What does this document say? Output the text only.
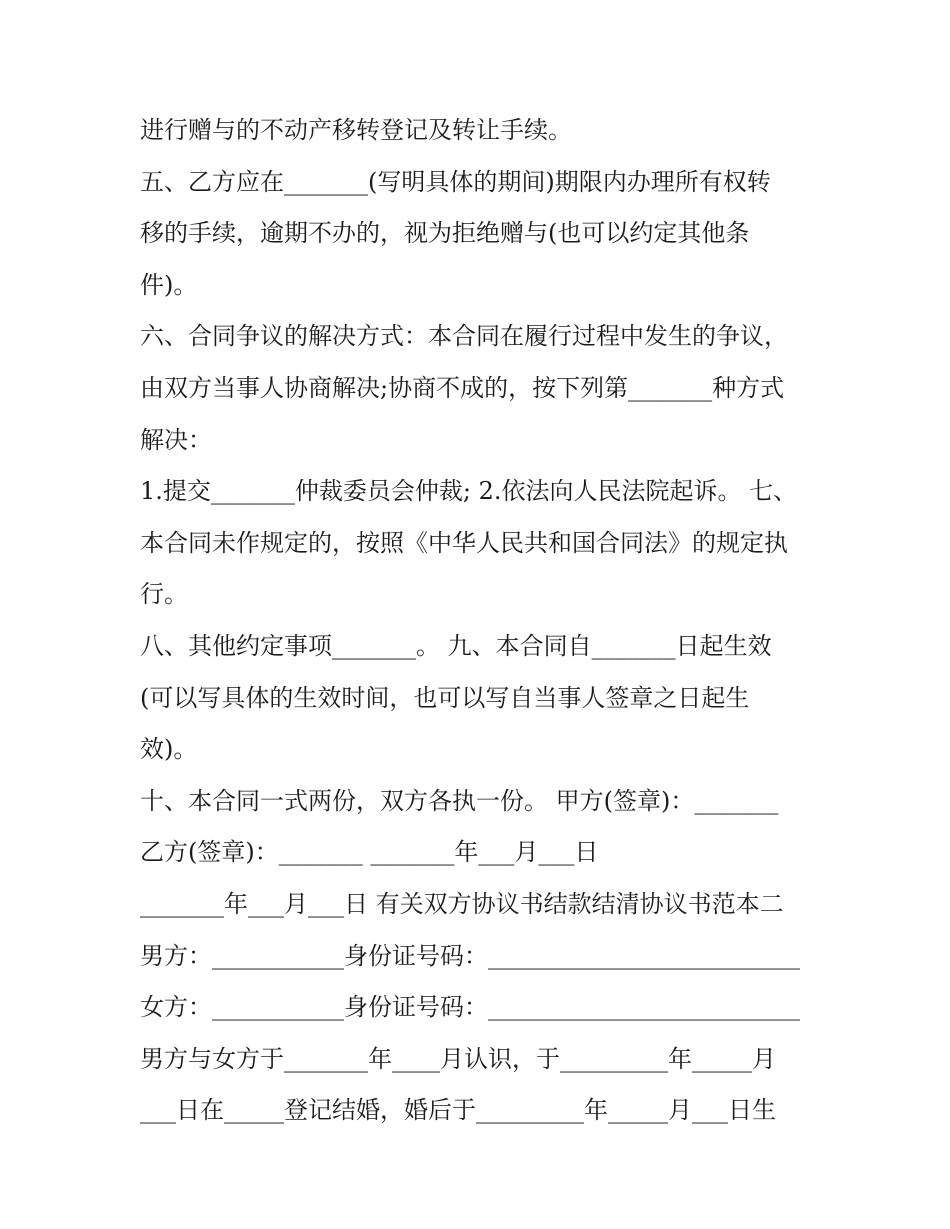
进行赠与的不动产移转登记及转让手续。
五、乙方应在_______(写明具体的期间)期限内办理所有权转
移的手续，逾期不办的，视为拒绝赠与(也可以约定其他条
件)。
六、合同争议的解决方式：本合同在履行过程中发生的争议，
由双方当事人协商解决;协商不成的，按下列第_______种方式
解决：
1.提交_______仲裁委员会仲裁; 2.依法向人民法院起诉。 七、
本合同未作规定的，按照《中华人民共和国合同法》的规定执
行。
八、其他约定事项_______。 九、本合同自_______日起生效
(可以写具体的生效时间，也可以写自当事人签章之日起生
效)。
十、本合同一式两份，双方各执一份。 甲方(签章)：_______
乙方(签章)：_______ _______年___月___日
_______年___月___日 有关双方协议书结款结清协议书范本二
男方：___________身份证号码：__________________________
女方：___________身份证号码：__________________________
男方与女方于_______年____月认识，于_________年_____月
___日在_____登记结婚，婚后于_________年_____月___日生
